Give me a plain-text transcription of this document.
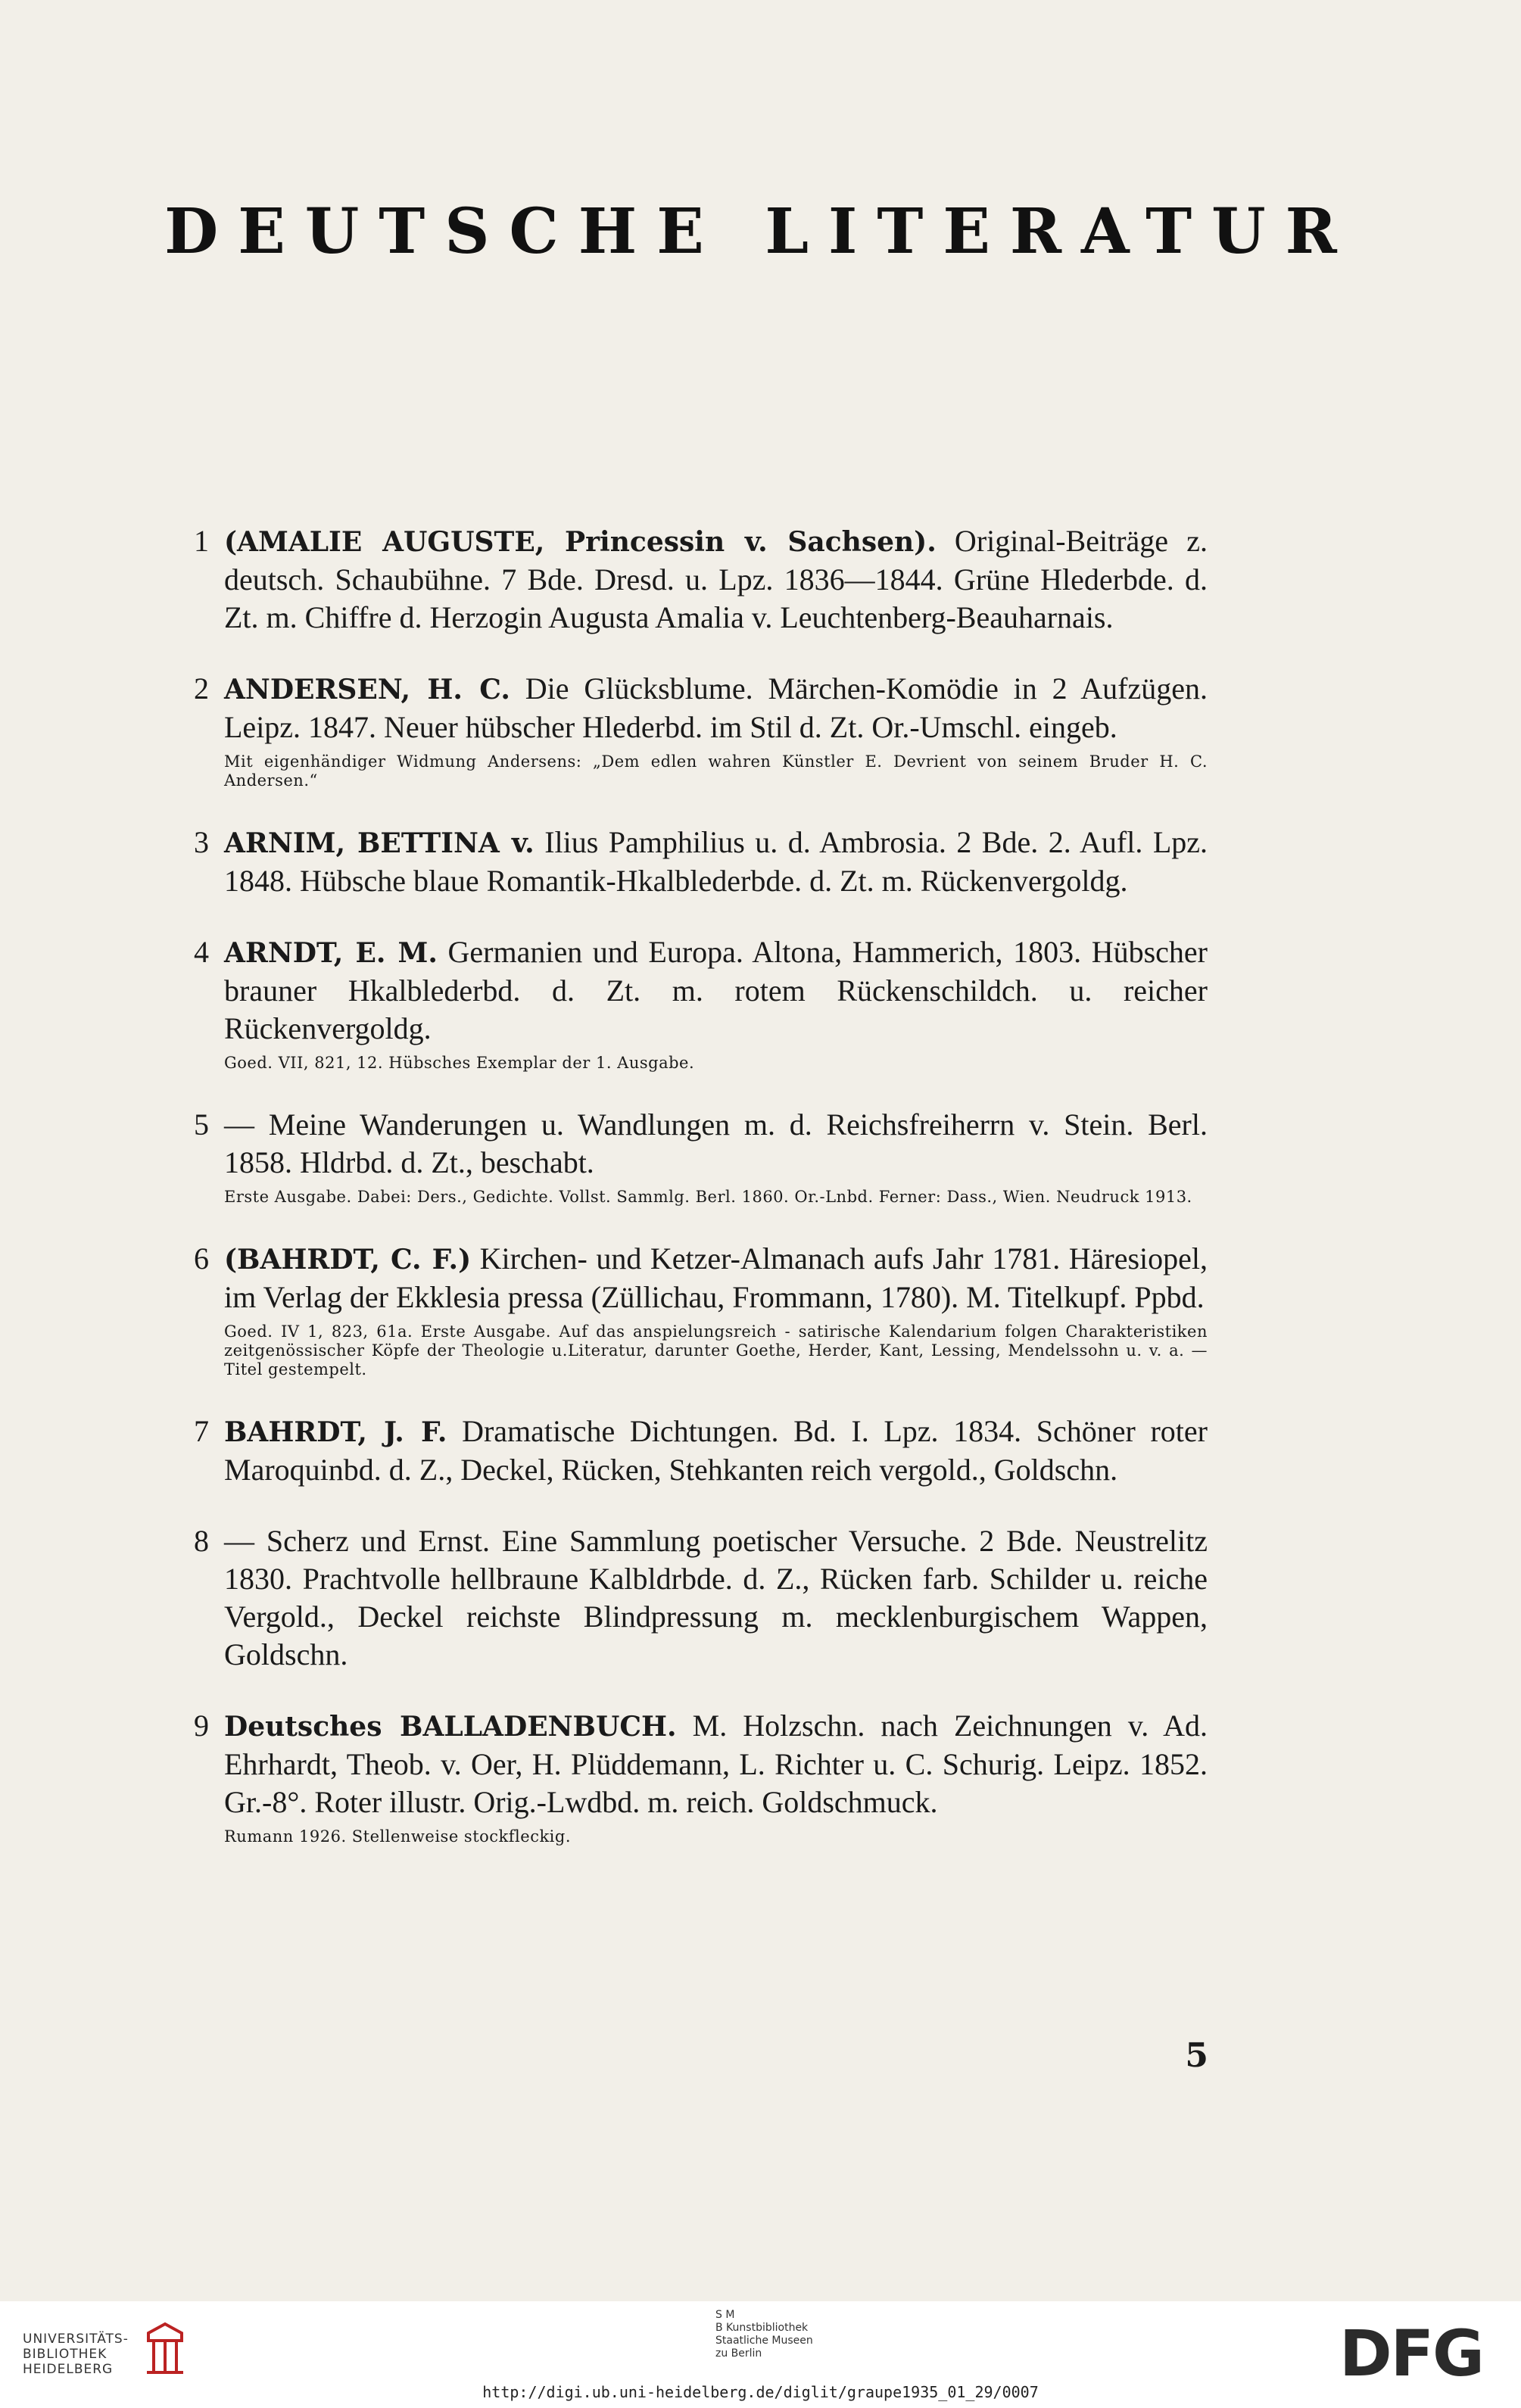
DEUTSCHE LITERATUR
1 (AMALIE AUGUSTE, Princessin v. Sachsen). Original-Beiträge z. deutsch. Schaubühne. 7 Bde. Dresd. u. Lpz. 1836—1844. Grüne Hlederbde. d. Zt. m. Chiffre d. Herzogin Augusta Amalia v. Leuchtenberg-Beauharnais.
2 ANDERSEN, H. C. Die Glücksblume. Märchen-Komödie in 2 Aufzügen. Leipz. 1847. Neuer hübscher Hlederbd. im Stil d. Zt. Or.-Umschl. eingeb.
Mit eigenhändiger Widmung Andersens: „Dem edlen wahren Künstler E. Devrient von seinem Bruder H. C. Andersen.“
3 ARNIM, BETTINA v. Ilius Pamphilius u. d. Ambrosia. 2 Bde. 2. Aufl. Lpz. 1848. Hübsche blaue Romantik-Hkalblederbde. d. Zt. m. Rückenvergoldg.
4 ARNDT, E. M. Germanien und Europa. Altona, Hammerich, 1803. Hübscher brauner Hkalblederbd. d. Zt. m. rotem Rückenschildch. u. reicher Rückenvergoldg.
Goed. VII, 821, 12. Hübsches Exemplar der 1. Ausgabe.
5 — Meine Wanderungen u. Wandlungen m. d. Reichsfreiherrn v. Stein. Berl. 1858. Hldrbd. d. Zt., beschabt.
Erste Ausgabe. Dabei: Ders., Gedichte. Vollst. Sammlg. Berl. 1860. Or.-Lnbd. Ferner: Dass., Wien. Neudruck 1913.
6 (BAHRDT, C. F.) Kirchen- und Ketzer-Almanach aufs Jahr 1781. Häresiopel, im Verlag der Ekklesia pressa (Züllichau, Frommann, 1780). M. Titelkupf. Ppbd.
Goed. IV 1, 823, 61a. Erste Ausgabe. Auf das anspielungsreich - satirische Kalendarium folgen Charakteristiken zeitgenössischer Köpfe der Theologie u.Literatur, darunter Goethe, Herder, Kant, Lessing, Mendelssohn u. v. a. — Titel gestempelt.
7 BAHRDT, J. F. Dramatische Dichtungen. Bd. I. Lpz. 1834. Schöner roter Maroquinbd. d. Z., Deckel, Rücken, Stehkanten reich vergold., Goldschn.
8 — Scherz und Ernst. Eine Sammlung poetischer Versuche. 2 Bde. Neustrelitz 1830. Prachtvolle hellbraune Kalbldrbde. d. Z., Rücken farb. Schilder u. reiche Vergold., Deckel reichste Blindpressung m. mecklenburgischem Wappen, Goldschn.
9 Deutsches BALLADENBUCH. M. Holzschn. nach Zeichnungen v. Ad. Ehrhardt, Theob. v. Oer, H. Plüddemann, L. Richter u. C. Schurig. Leipz. 1852. Gr.-8°. Roter illustr. Orig.-Lwdbd. m. reich. Goldschmuck.
Rumann 1926. Stellenweise stockfleckig.
5
UNIVERSITÄTS-
BIBLIOTHEK
HEIDELBERG
S M
B Kunstbibliothek
Staatliche Museen
zu Berlin	DFG
http://digi.ub.uni-heidelberg.de/diglit/graupe1935_01_29/0007
